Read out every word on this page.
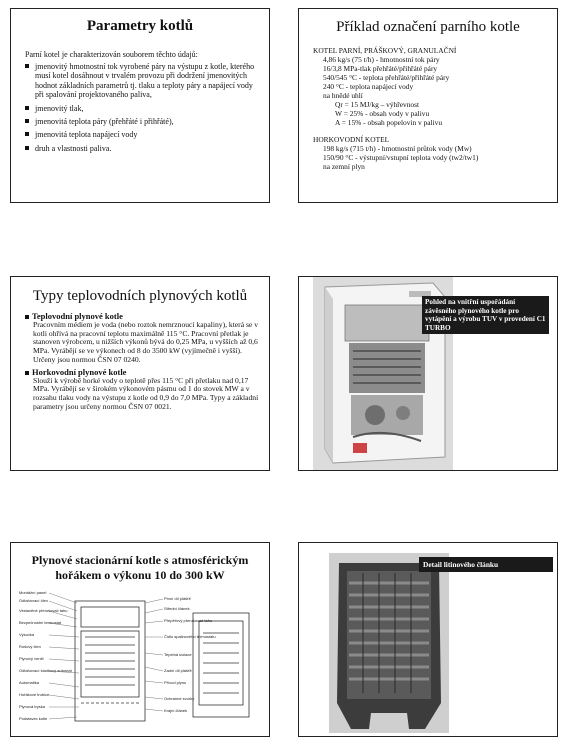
Parametry kotlů
Parní kotel je charakterizován souborem těchto údajů:
jmenovitý hmotnostní tok vyrobené páry na výstupu z kotle, kterého musí kotel dosáhnout v trvalém provozu při dodržení jmenovitých hodnot základních parametrů tj. tlaku a teploty páry a napájecí vody při spalování projektovaného paliva,
jmenovitý tlak,
jmenovitá teplota páry (přehřáté i přihřáté),
jmenovitá teplota napájecí vody
druh a vlastnosti paliva.
Příklad označení parního kotle
KOTEL PARNÍ, PRÁŠKOVÝ, GRANULAČNÍ
4,86 kg/s (75 t/h) - hmotnostní tok páry
16/3,8 MPa-tlak přehřáté/přihřáté páry
540/545 °C - teplota přehřáté/přihřáté páry
240 °C - teplota napájecí vody
na hnědé uhlí
Qr = 15 MJ/kg – výhřevnost
W = 25% - obsah vody v palivu
A = 15% - obsah popelovin v palivu
HORKOVODNÍ KOTEL
198 kg/s (715 t/h) - hmotnostní průtok vody (Mw)
150/90 °C - výstupní/vstupní teplota vody (tw2/tw1)
na zemní plyn
Typy teplovodních plynových kotlů
Teplovodní plynové kotle
Pracovním médiem je voda (nebo roztok nemrznoucí kapaliny), která se v kotli ohřívá na pracovní teplotu maximálně 115 °C. Pracovní přetlak je stanoven výrobcem, u nižších výkonů bývá do 0,25 MPa, u vyšších až 0,6 MPa. Vyrábějí se ve výkonech od 8 do 3500 kW (vyjímečně i vyšší). Určeny jsou normou ČSN 07 0240.
Horkovodní plynové kotle
Slouží k výrobě horké vody o teplotě přes 115 °C při přetlaku nad 0,17 MPa. Vyrábějí se v širokém výkonovém pásmu od 1 do stovek MW a v rozsahu tlaku vody na výstupu z kotle od 0,9 do 7,0 MPa. Typy a základní parametry jsou určeny normou ČSN 07 0021.
Pohled na vnitřní uspořádání závěsného plynového kotle pro vytápění a výrobu TUV v provedení C1 TURBO
Plynové stacionární kotle s atmosférickým hořákem o výkonu 10 do 300 kW
Montážní panel
Odtahovací člen
Vestavěné přerušovač tahu
Bezpečnostní termostat
Výsuvka
Rošový člen
Plynový ventil
Odtahovací kladkový automat
Automatika
Hořákové trubice
Plynová tryska
Podstavec kotle
První díl plášťě
Střední článek
Přepěťový přerušovač tahu
Čidlo spalinového termostatu
Tepelná izolace
Zadní díl plášťě
Přívod plynu
Ochranné svorky
Krajní článek
Detail litinového článku
